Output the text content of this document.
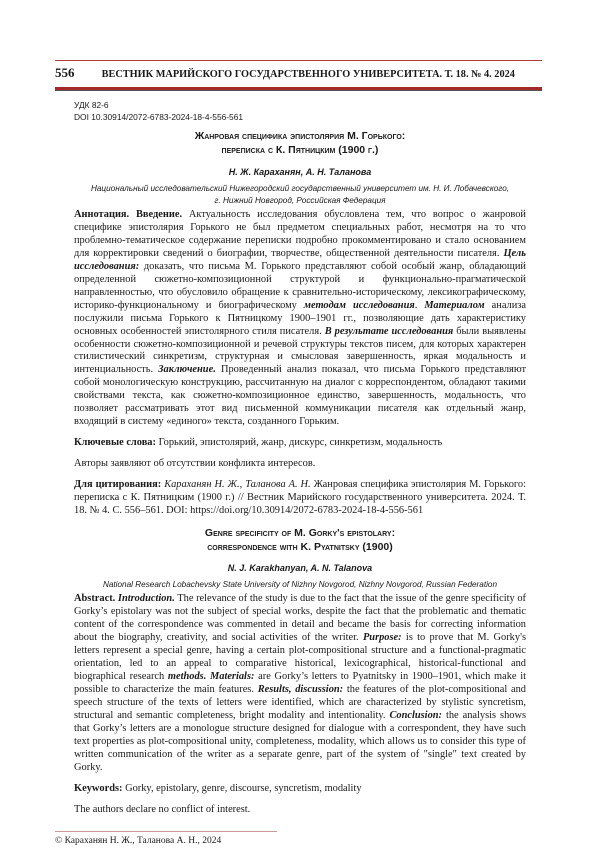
556	ВЕСТНИК МАРИЙСКОГО ГОСУДАРСТВЕННОГО УНИВЕРСИТЕТА. Т. 18. № 4. 2024
УДК 82-6
DOI 10.30914/2072-6783-2024-18-4-556-561
Жанровая специфика эпистолярия М. Горького:
переписка с К. Пятницким (1900 г.)
Н. Ж. Караханян, А. Н. Таланова
Национальный исследовательский Нижегородский государственный университет им. Н. И. Лобачевского,
г. Нижний Новгород, Российская Федерация
Аннотация. Введение. Актуальность исследования обусловлена тем, что вопрос о жанровой специфике эпистолярия Горького не был предметом специальных работ, несмотря на то что проблемно-тематическое содержание переписки подробно прокомментировано и стало основанием для корректировки сведений о биографии, творчестве, общественной деятельности писателя. Цель исследования: доказать, что письма М. Горького представляют собой особый жанр, обладающий определенной сюжетно-композиционной структурой и функционально-прагматической направленностью, что обусловило обращение к сравнительно-историческому, лексикографическому, историко-функциональному и биографическому методам исследования. Материалом анализа послужили письма Горького к Пятницкому 1900–1901 гг., позволяющие дать характеристику основных особенностей эпистолярного стиля писателя. В результате исследования были выявлены особенности сюжетно-композиционной и речевой структуры текстов писем, для которых характерен стилистический синкретизм, структурная и смысловая завершенность, яркая модальность и интенциальность. Заключение. Проведенный анализ показал, что письма Горького представляют собой монологическую конструкцию, рассчитанную на диалог с корреспондентом, обладают такими свойствами текста, как сюжетно-композиционное единство, завершенность, модальность, что позволяет рассматривать этот вид письменной коммуникации писателя как отдельный жанр, входящий в систему «единого» текста, созданного Горьким.
Ключевые слова: Горький, эпистолярий, жанр, дискурс, синкретизм, модальность
Авторы заявляют об отсутствии конфликта интересов.
Для цитирования: Караханян Н. Ж., Таланова А. Н. Жанровая специфика эпистолярия М. Горького: переписка с К. Пятницким (1900 г.) // Вестник Марийского государственного университета. 2024. Т. 18. № 4. С. 556–561. DOI: https://doi.org/10.30914/2072-6783-2024-18-4-556-561
Genre specificity of M. Gorky's epistolary:
correspondence with K. Pyatnitsky (1900)
N. J. Karakhanyan, A. N. Talanova
National Research Lobachevsky State University of Nizhny Novgorod, Nizhny Novgorod, Russian Federation
Abstract. Introduction. The relevance of the study is due to the fact that the issue of the genre specificity of Gorky’s epistolary was not the subject of special works, despite the fact that the problematic and thematic content of the correspondence was commented in detail and became the basis for correcting information about the biography, creativity, and social activities of the writer. Purpose: is to prove that M. Gorky's letters represent a special genre, having a certain plot-compositional structure and a functional-pragmatic orientation, led to an appeal to comparative historical, lexicographical, historical-functional and biographical research methods. Materials: are Gorky’s letters to Pyatnitsky in 1900–1901, which make it possible to characterize the main features. Results, discussion: the features of the plot-compositional and speech structure of the texts of letters were identified, which are characterized by stylistic syncretism, structural and semantic completeness, bright modality and intentionality. Conclusion: the analysis shows that Gorky’s letters are a monologue structure designed for dialogue with a correspondent, they have such text properties as plot-compositional unity, completeness, modality, which allows us to consider this type of written communication of the writer as a separate genre, part of the system of "single" text created by Gorky.
Keywords: Gorky, epistolary, genre, discourse, syncretism, modality
The authors declare no conflict of interest.
© Караханян Н. Ж., Таланова А. Н., 2024
